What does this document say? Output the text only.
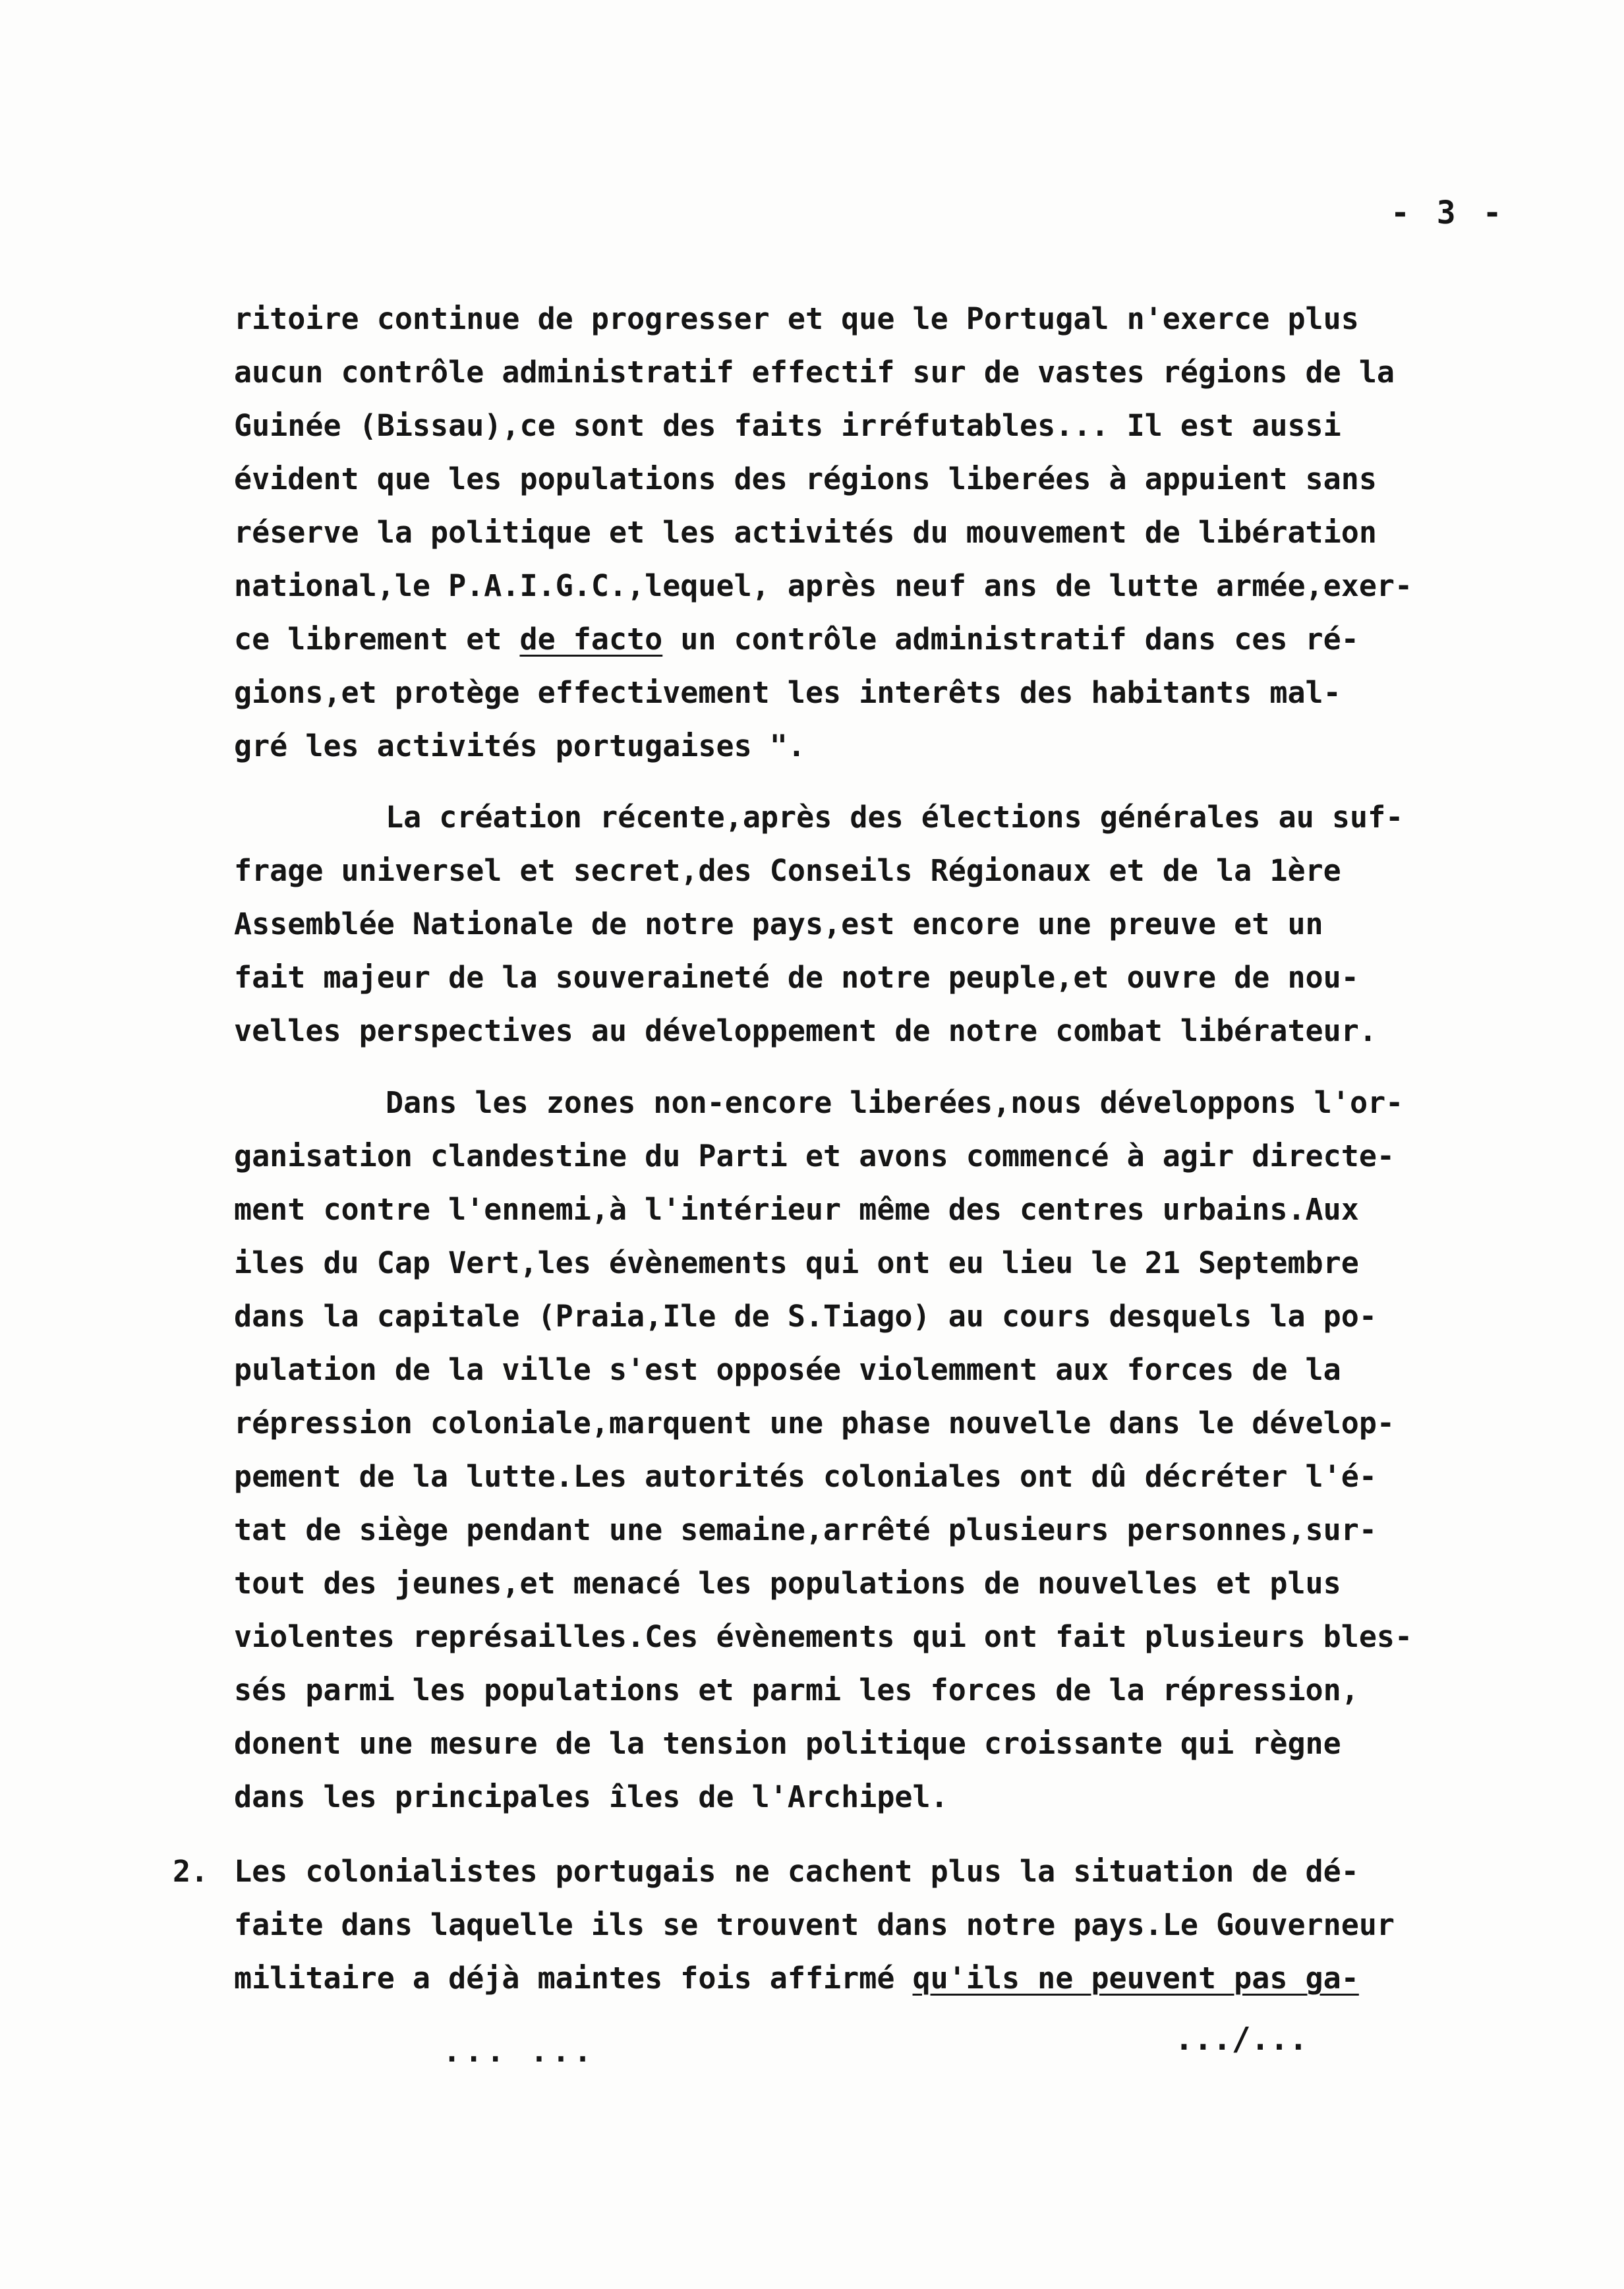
- 3 -
ritoire continue de progresser et que le Portugal n'exerce plus
aucun contrôle administratif effectif sur de vastes régions de la
Guinée (Bissau),ce sont des faits irréfutables... Il est aussi
évident que les populations des régions liberées à appuient sans
réserve la politique et les activités du mouvement de libération
national,le P.A.I.G.C.,lequel, après neuf ans de lutte armée,exer-
ce librement et de facto un contrôle administratif dans ces ré-
gions,et protège effectivement les interêts des habitants mal-
gré les activités portugaises ".
La création récente,après des élections générales au suf-
frage universel et secret,des Conseils Régionaux et de la 1ère
Assemblée Nationale de notre pays,est encore une preuve et un
fait majeur de la souveraineté de notre peuple,et ouvre de nou-
velles perspectives au développement de notre combat libérateur.
Dans les zones non-encore liberées,nous développons l'or-
ganisation clandestine du Parti et avons commencé à agir directe-
ment contre l'ennemi,à l'intérieur même des centres urbains.Aux
iles du Cap Vert,les évènements qui ont eu lieu le 21 Septembre
dans la capitale (Praia,Ile de S.Tiago) au cours desquels la po-
pulation de la ville s'est opposée violemment aux forces de la
répression coloniale,marquent une phase nouvelle dans le dévelop-
pement de la lutte.Les autorités coloniales ont dû décréter l'é-
tat de siège pendant une semaine,arrêté plusieurs personnes,sur-
tout des jeunes,et menacé les populations de nouvelles et plus
violentes représailles.Ces évènements qui ont fait plusieurs bles-
sés parmi les populations et parmi les forces de la répression,
donent une mesure de la tension politique croissante qui règne
dans les principales îles de l'Archipel.
2. Les colonialistes portugais ne cachent plus la situation de dé-
faite dans laquelle ils se trouvent dans notre pays.Le Gouverneur
militaire a déjà maintes fois affirmé qu'ils ne peuvent pas ga-
... ...	.../...
